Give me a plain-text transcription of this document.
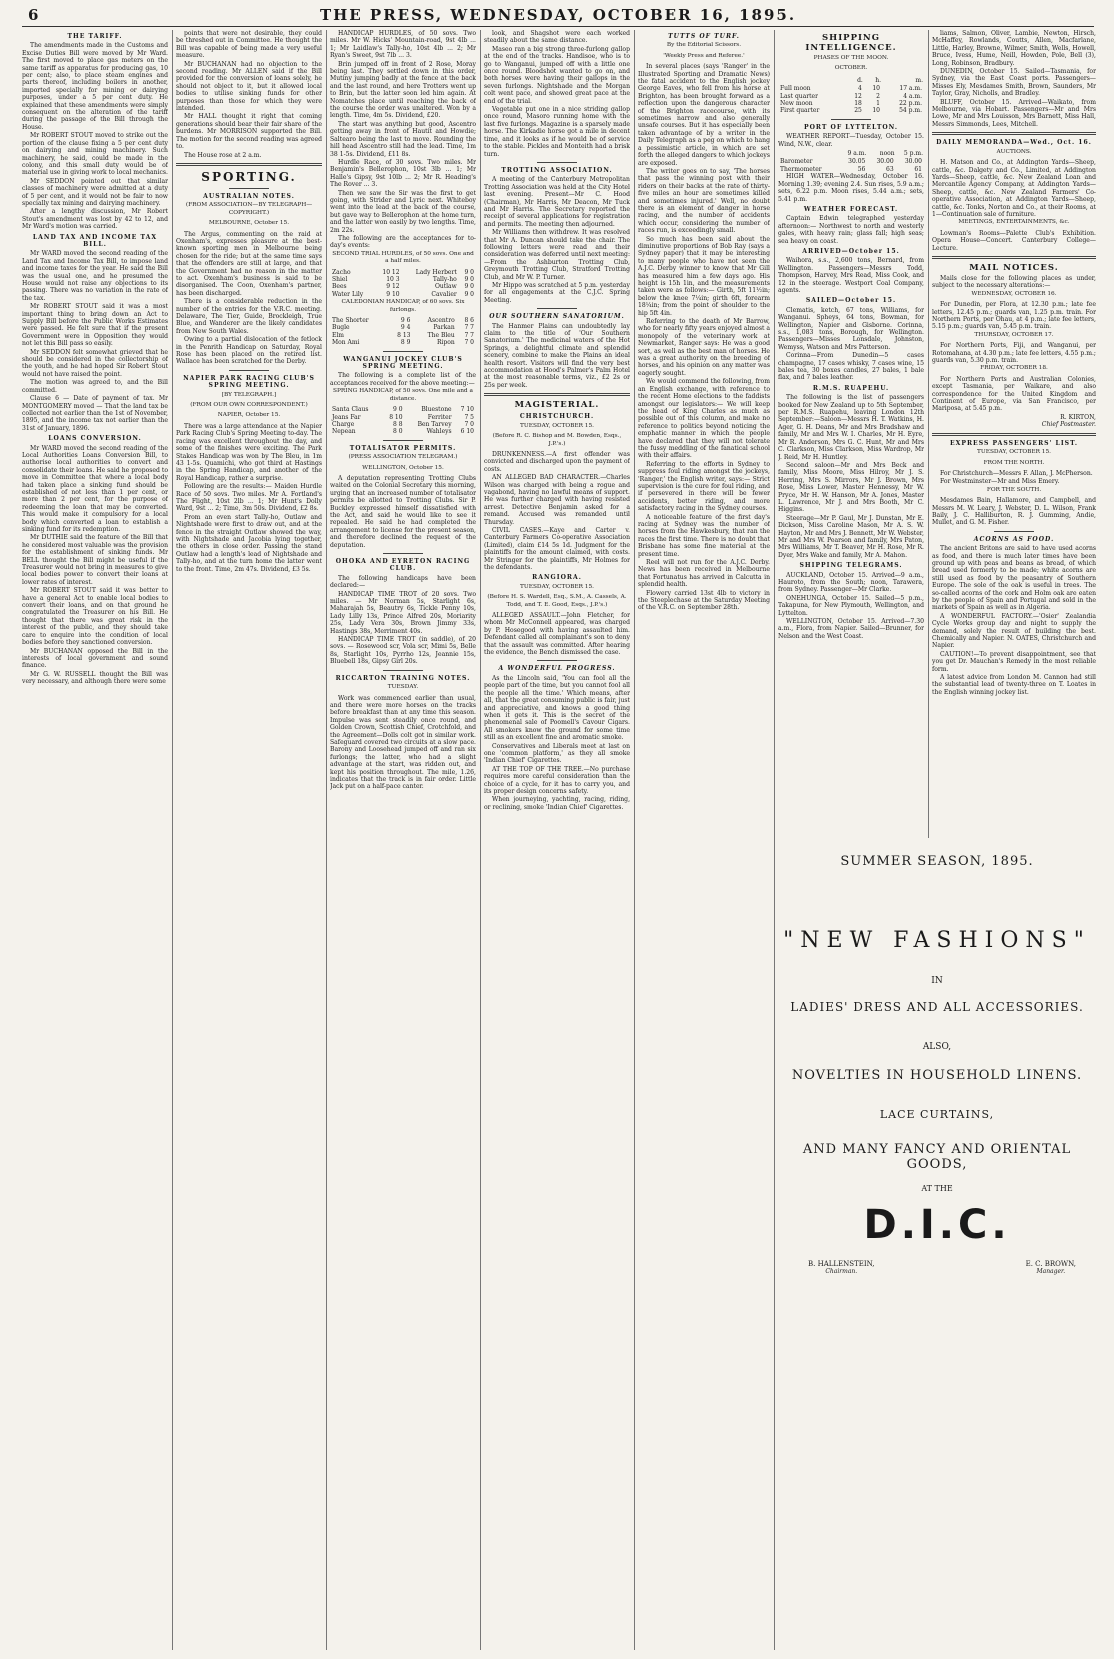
6	THE PRESS, WEDNESDAY, OCTOBER 16, 1895.
THE TARIFF.

The amendments made in the Customs and Excise Duties Bill were moved by Mr Ward. The first moved to place gas meters on the same tariff as apparatus for producing gas, 10 per cent; also, to place steam engines and parts thereof, including boilers in another, imported specially for mining or dairying purposes, under a 5 per cent duty. He explained that these amendments were simply consequent on the alteration of the tariff during the passage of the Bill through the House.

Mr ROBERT STOUT moved to strike out the portion of the clause fixing a 5 per cent duty on dairying and mining machinery. Such machinery, he said, could be made in the colony, and this small duty would be of material use in giving work to local mechanics.

Mr SEDDON pointed out that similar classes of machinery were admitted at a duty of 5 per cent, and it would not be fair to now specially tax mining and dairying machinery.

After a lengthy discussion, Mr Robert Stout's amendment was lost by 42 to 12, and Mr Ward's motion was carried.

LAND TAX AND INCOME TAX BILL.

Mr WARD moved the second reading of the Land Tax and Income Tax Bill, to impose land and income taxes for the year. He said the Bill was the usual one, and he presumed the House would not raise any objections to its passing. There was no variation in the rate of the tax.

Mr ROBERT STOUT said it was a most important thing to bring down an Act to Supply Bill before the Public Works Estimates were passed. He felt sure that if the present Government were in Opposition they would not let this Bill pass so easily.

Mr SEDDON felt somewhat grieved that he should be considered in the collectorship of the youth, and he had hoped Sir Robert Stout would not have raised the point.

The motion was agreed to, and the Bill committed.

Clause 6 — Date of payment of tax. Mr MONTGOMERY moved — That the land tax be collected not earlier than the 1st of November, 1895, and the income tax not earlier than the 31st of January, 1896.

LOANS CONVERSION.

Mr WARD moved the second reading of the Local Authorities Loans Conversion Bill, to authorise local authorities to convert and consolidate their loans. He said he proposed to move in Committee that where a local body had taken place a sinking fund should be established of not less than 1 per cent, or more than 2 per cent, for the purpose of redeeming the loan that may be converted. This would make it compulsory for a local body which converted a loan to establish a sinking fund for its redemption.

Mr DUTHIE said the feature of the Bill that he considered most valuable was the provision for the establishment of sinking funds. Mr BELL thought the Bill might be useful if the Treasurer would not bring in measures to give local bodies power to convert their loans at lower rates of interest.

Mr ROBERT STOUT said it was better to have a general Act to enable local bodies to convert their loans, and on that ground he congratulated the Treasurer on his Bill. He thought that there was great risk in the interest of the public, and they should take care to enquire into the condition of local bodies before they sanctioned conversion.

Mr BUCHANAN opposed the Bill in the interests of local government and sound finance.

Mr G. W. RUSSELL thought the Bill was very necessary, and although there were some

points that were not desirable, they could be threshed out in Committee. He thought the Bill was capable of being made a very useful measure.

Mr BUCHANAN had no objection to the second reading. Mr ALLEN said if the Bill provided for the conversion of loans solely, he should not object to it, but it allowed local bodies to utilise sinking funds for other purposes than those for which they were intended.

Mr HALL thought it right that coming generations should bear their fair share of the burdens. Mr MORRISON supported the Bill. The motion for the second reading was agreed to.

The House rose at 2 a.m.

SPORTING.
AUSTRALIAN NOTES.
(FROM ASSOCIATION—BY TELEGRAPH—COPYRIGHT.)
MELBOURNE, October 15.

The Argus, commenting on the raid at Oxenham's, expresses pleasure at the best-known sporting men in Melbourne being chosen for the ride; but at the same time says that the offenders are still at large, and that the Government had no reason in the matter to act. Oxenham's business is said to be disorganised. The Coon, Oxenham's partner, has been discharged.

There is a considerable reduction in the number of the entries for the V.R.C. meeting. Delaware, The Tier, Guide, Brockleigh, True Blue, and Wanderer are the likely candidates from New South Wales.

Owing to a partial dislocation of the fetlock in the Penrith Handicap on Saturday, Royal Rose has been placed on the retired list. Wallace has been scratched for the Derby.

NAPIER PARK RACING CLUB'S SPRING MEETING.
[BY TELEGRAPH.]
(FROM OUR OWN CORRESPONDENT.)
NAPIER, October 15.

There was a large attendance at the Napier Park Racing Club's Spring Meeting to-day. The racing was excellent throughout the day, and some of the finishes were exciting. The Park Stakes Handicap was won by The Bleu, in 1m 43 1-5s. Quamichi, who got third at Hastings in the Spring Handicap, and another of the Royal Handicap, rather a surprise.

Following are the results:— Maiden Hurdle Race of 50 sovs. Two miles. Mr A. Fortland's The Flight, 10st 2lb ... 1; Mr Hunt's Dolly Ward, 9st ... 2; Time, 3m 50s. Dividend, £2 8s.

From an even start Tally-ho, Outlaw and Nightshade were first to draw out, and at the fence in the straight Outlaw showed the way, with Nightshade and Jacobia lying together, the others in close order. Passing the stand Outlaw had a length's lead of Nightshade and Tally-ho, and at the turn home the latter went to the front. Time, 2m 47s. Dividend, £3 5s.

HANDICAP HURDLES, of 50 sovs. Two miles. Mr W. Hicks' Mountain-road, 9st 4lb ... 1; Mr Laidlaw's Tally-ho, 10st 4lb ... 2; Mr Ryan's Sweet, 9st 7lb ... 3.

Brin jumped off in front of 2 Rose, Moray being last. They settled down in this order, Mutiny jumping badly at the fence at the back and the last round, and here Trotters went up to Brin, but the latter soon led him again. At Nomatches place until reaching the back of the course the order was unaltered. Won by a length. Time, 4m 5s. Dividend, £20.

The start was anything but good, Ascentro getting away in front of Hautit and Howdie; Saltearo being the last to move. Rounding the hill head Ascentro still had the lead. Time, 1m 38 1-5s. Dividend, £11 8s.

Hurdle Race, of 30 sovs. Two miles. Mr Benjamin's Bellerophon, 10st 3lb ... 1; Mr Halle's Gipsy, 9st 10lb ... 2; Mr R. Heading's The Rover ... 3.

Then we saw the Sir was the first to get going, with Strider and Lyric next. Whiteboy went into the lead at the back of the course, but gave way to Bellerophon at the home turn, and the latter won easily by two lengths. Time, 2m 22s.

The following are the acceptances for to-day's events:

SECOND TRIAL HURDLES, of 50 sovs. One and a half miles.
Zacho	10 12	Lady Herbert	9 0
Shiel	10 3	Tally-ho	9 0
Bees	9 12	Outlaw	9 0
Water Lily	9 10	Cavalier	9 0
CALEDONIAN HANDICAP, of 60 sovs. Six furlongs.
The Shorter	9 6	Ascentro	8 6
Bugle	9 4	Parkan	7 7
Elm	8 13	The Bleu	7 7
Mon Ami	8 9	Ripon	7 0
WANGANUI JOCKEY CLUB'S SPRING MEETING.

The following is a complete list of the acceptances received for the above meeting:—

SPRING HANDICAP, of 50 sovs. One mile and a distance.
Santa Claus	9 0	Bluestone	7 10
Jeans Far	8 10	Ferriter	7 5
Charge	8 8	Ben Tarvey	7 0
Nepean	8 0	Wahleys	6 10
TOTALISATOR PERMITS.
(PRESS ASSOCIATION TELEGRAM.)
WELLINGTON, October 15.

A deputation representing Trotting Clubs waited on the Colonial Secretary this morning, urging that an increased number of totalisator permits be allotted to Trotting Clubs. Sir P. Buckley expressed himself dissatisfied with the Act, and said he would like to see it repealed. He said he had completed the arrangement to license for the present season, and therefore declined the request of the deputation.

OHOKA AND EYRETON RACING CLUB.

The following handicaps have been declared:—

HANDICAP TIME TROT of 20 sovs. Two miles. — Mr Norman 5s, Starlight 6s, Maharajah 5s, Beautry 6s, Tickle Penny 10s, Lady Lilly 13s, Prince Alfred 20s, Moriarity 25s, Lady Vera 30s, Brown Jimmy 33s, Hastings 38s, Merriment 40s.

HANDICAP TIME TROT (in saddle), of 20 sovs. — Rosewood scr, Vola scr, Mimi 5s, Belle 8s, Starlight 10s, Pyrrho 12s, Jeannie 15s, Bluebell 18s, Gipsy Girl 20s.

RICCARTON TRAINING NOTES.
TUESDAY.

Work was commenced earlier than usual, and there were more horses on the tracks before breakfast than at any time this season. Impulse was sent steadily once round, and Golden Crown, Scottish Chief, Crotchfold, and the Agreement—Dolls colt got in similar work. Safeguard covered two circuits at a slow pace. Barony and Loosehead jumped off and ran six furlongs; the latter, who had a slight advantage at the start, was ridden out, and kept his position throughout. The mile, 1.26, indicates that the track is in fair order. Little Jack put on a half-pace canter.

look, and Shagshot were each worked steadily about the same distance.

Maseo ran a big strong three-furlong gallop at the end of the tracks. Handisoe, who is to go to Wanganui, jumped off with a little one once round. Bloodshot wanted to go on, and both horses were having their gallops in the seven furlongs. Nightshade and the Morgan colt went pace, and showed great pace at the end of the trial.

Vegetable put one in a nice striding gallop once round, Masoro running home with the last five furlongs. Magazine is a sparsely made horse. The Kirkadie horse got a mile in decent time, and it looks as if he would be of service to the stable. Pickles and Monteith had a brisk turn.

TROTTING ASSOCIATION.

A meeting of the Canterbury Metropolitan Trotting Association was held at the City Hotel last evening. Present—Mr C. Hood (Chairman), Mr Harris, Mr Deacon, Mr Tuck and Mr Harris. The Secretary reported the receipt of several applications for registration and permits. The meeting then adjourned.

Mr Williams then withdrew. It was resolved that Mr A. Duncan should take the chair. The following letters were read and their consideration was deferred until next meeting:—From the Ashburton Trotting Club, Greymouth Trotting Club, Stratford Trotting Club, and Mr W. P. Turner.

Mr Hippo was scratched at 5 p.m. yesterday for all engagements at the C.J.C. Spring Meeting.

OUR SOUTHERN SANATORIUM.

The Hanmer Plains can undoubtedly lay claim to the title of 'Our Southern Sanatorium.' The medicinal waters of the Hot Springs, a delightful climate and splendid scenery, combine to make the Plains an ideal health resort. Visitors will find the very best accommodation at Hood's Palmer's Palm Hotel at the most reasonable terms, viz., £2 2s or 25s per week.

MAGISTERIAL.
CHRISTCHURCH.
TUESDAY, OCTOBER 15.
(Before R. C. Bishop and M. Bowden, Esqs., J.P.'s.)

DRUNKENNESS.—A first offender was convicted and discharged upon the payment of costs.

AN ALLEGED BAD CHARACTER.—Charles Wilson was charged with being a rogue and vagabond, having no lawful means of support. He was further charged with having resisted arrest. Detective Benjamin asked for a remand. Accused was remanded until Thursday.

CIVIL CASES.—Kaye and Carter v. Canterbury Farmers Co-operative Association (Limited), claim £14 5s 1d. Judgment for the plaintiffs for the amount claimed, with costs. Mr Stringer for the plaintiffs, Mr Holmes for the defendants.

RANGIORA.
TUESDAY, OCTOBER 15.
(Before H. S. Wardell, Esq., S.M., A. Cassels, A. Todd, and T. E. Good, Esqs., J.P.'s.)

ALLEGED ASSAULT.—John Fletcher, for whom Mr McConnell appeared, was charged by P. Hosegood with having assaulted him. Defendant called all complainant's son to deny that the assault was committed. After hearing the evidence, the Bench dismissed the case.

A WONDERFUL PROGRESS.

As the Lincoln said, 'You can fool all the people part of the time, but you cannot fool all the people all the time.' Which means, after all, that the great consuming public is fair, just and appreciative, and knows a good thing when it gets it. This is the secret of the phenomenal sale of Poomell's Cavour Cigars. All smokers know the ground for some time still as an excellent fine and aromatic smoke.

Conservatives and Liberals meet at last on one 'common platform,' as they all smoke 'Indian Chief' Cigarettes.

AT THE TOP OF THE TREE.—No purchase requires more careful consideration than the choice of a cycle, for it has to carry you, and its proper design concerns safety.

When journeying, yachting, racing, riding, or reclining, smoke 'Indian Chief' Cigarettes.

TUTTS OF TURF.
By the Editorial Scissors.
'Weekly Press and Referee.'

In several places (says 'Ranger' in the Illustrated Sporting and Dramatic News) the fatal accident to the English jockey George Eaves, who fell from his horse at Brighton, has been brought forward as a reflection upon the dangerous character of the Brighton racecourse, with its sometimes narrow and also generally unsafe courses. But it has especially been taken advantage of by a writer in the Daily Telegraph as a peg on which to hang a pessimistic article, in which are set forth the alleged dangers to which jockeys are exposed.

The writer goes on to say, 'The horses that pass the winning post with their riders on their backs at the rate of thirty-five miles an hour are sometimes killed and sometimes injured.' Well, no doubt there is an element of danger in horse racing, and the number of accidents which occur, considering the number of races run, is exceedingly small.

So much has been said about the diminutive proportions of Bob Ray (says a Sydney paper) that it may be interesting to many people who have not seen the A.J.C. Derby winner to know that Mr Gill has measured him a few days ago. His height is 15h 1in, and the measurements taken were as follows:— Girth, 5ft 11½in; below the knee 7¼in; girth 6ft, forearm 18¼in; from the point of shoulder to the hip 5ft 4in.

Referring to the death of Mr Barrow, who for nearly fifty years enjoyed almost a monopoly of the veterinary work at Newmarket, Ranger says: He was a good sort, as well as the best man of horses. He was a great authority on the breeding of horses, and his opinion on any matter was eagerly sought.

We would commend the following, from an English exchange, with reference to the recent Home elections to the faddists amongst our legislators:— We will keep the head of King Charles as much as possible out of this column, and make no reference to politics beyond noticing the emphatic manner in which the people have declared that they will not tolerate the fussy meddling of the fanatical school with their affairs.

Referring to the efforts in Sydney to suppress foul riding amongst the jockeys, 'Ranger,' the English writer, says:— Strict supervision is the cure for foul riding, and if persevered in there will be fewer accidents, better riding, and more satisfactory racing in the Sydney courses.

A noticeable feature of the first day's racing at Sydney was the number of horses from the Hawkesbury, that ran the races the first time. There is no doubt that Brisbane has some fine material at the present time.

Reel will not run for the A.J.C. Derby. News has been received in Melbourne that Fortunatus has arrived in Calcutta in splendid health.

Flowery carried 13st 4lb to victory in the Steeplechase at the Saturday Meeting of the V.R.C. on September 28th.

SHIPPING INTELLIGENCE.
PHASES OF THE MOON.
OCTOBER.
	d.	h.	m.
Full moon	4	10	17 a.m.
Last quarter	12	2	4 a.m.
New moon	18	1	22 p.m.
First quarter	25	10	54 p.m.
PORT OF LYTTELTON.

WEATHER REPORT—Tuesday, October 15. Wind, N.W., clear.

	9 a.m.	noon	5 p.m.
Barometer	30.05	30.00	30.00
Thermometer	56	63	61

HIGH WATER—Wednesday, October 16. Morning 1.39; evening 2.4. Sun rises, 5.9 a.m.; sets, 6.22 p.m. Moon rises, 5.44 a.m.; sets, 5.41 p.m.

WEATHER FORECAST.

Captain Edwin telegraphed yesterday afternoon:— Northwest to north and westerly gales, with heavy rain; glass fall; high seas; sea heavy on coast.

ARRIVED—October 15.

Waihora, s.s., 2,600 tons, Bernard, from Wellington. Passengers—Messrs Todd, Thompson, Harvey, Mrs Read, Miss Cook, and 12 in the steerage. Westport Coal Company, agents.

SAILED—October 15.

Clematis, ketch, 67 tons, Williams, for Wanganui. Spheys, 64 tons, Bowman, for Wellington, Napier and Gisborne. Corinna, s.s., 1,083 tons, Borough, for Wellington. Passengers—Misses Lonsdale, Johnston, Wemyss, Watson and Mrs Patterson.

Corinna—From Dunedin—5 cases champagne, 17 cases whisky, 7 cases wine, 15 bales tea, 30 boxes candles, 27 bales, 1 bale flax, and 7 bales leather.

R.M.S. RUAPEHU.

The following is the list of passengers booked for New Zealand up to 5th September, per R.M.S. Ruapehu, leaving London 12th September:—Saloon—Messrs H. T. Watkins, H. Ager, G. H. Deans, Mr and Mrs Bradshaw and family, Mr and Mrs W. I. Charles, Mr H. Eyre, Mr R. Anderson, Mrs G. C. Hunt, Mr and Mrs C. Clarkson, Miss Clarkson, Miss Wardrop, Mr J. Reid, Mr H. Huntley.

Second saloon—Mr and Mrs Beck and family, Miss Moore, Miss Hilroy, Mr J. S. Herring, Mrs S. Mirrors, Mr J. Brown, Mrs Rose, Miss Lower, Master Hennessy, Mr W. Pryce, Mr H. W. Hanson, Mr A. Jones, Master L. Lawrence, Mr J. and Mrs Booth, Mr C. Higgins.

Steerage—Mr P. Gaul, Mr J. Dunstan, Mr E. Dickson, Miss Caroline Mason, Mr A. S. W. Hayton, Mr and Mrs J. Bennett, Mr W. Webster, Mr and Mrs W. Pearson and family, Mrs Paton, Mrs Williams, Mr T. Beaver, Mr H. Rose, Mr R. Dyer, Mrs Wake and family, Mr A. Mahon.

SHIPPING TELEGRAMS.

AUCKLAND, October 15. Arrived—9 a.m., Hauroto, from the South; noon, Tarawera, from Sydney. Passenger—Mr Clarke.

ONEHUNGA, October 15. Sailed—5 p.m., Takapuna, for New Plymouth, Wellington, and Lyttelton.

WELLINGTON, October 15. Arrived—7.30 a.m., Flora, from Napier. Sailed—Brunner, for Nelson and the West Coast.

liams, Salmon, Oliver, Lambie, Newton, Hirsch, McHaffey, Rowlands, Coutts, Allen, Macfarlane, Little, Harley, Browne, Wilmer, Smith, Wells, Howell, Bruce, Ivess, Hume, Neill, Howden, Pole, Bell (3), Long, Robinson, Bradbury.

DUNEDIN, October 15. Sailed—Tasmania, for Sydney, via the East Coast ports. Passengers—Misses Ely, Mesdames Smith, Brown, Saunders, Mr Taylor, Gray, Nicholls, and Bradley.

BLUFF, October 15. Arrived—Waikato, from Melbourne, via Hobart. Passengers—Mr and Mrs Lowe, Mr and Mrs Louisson, Mrs Barnett, Miss Hall, Messrs Simmonds, Lees, Mitchell.

DAILY MEMORANDA—Wed., Oct. 16.
AUCTIONS.

H. Matson and Co., at Addington Yards—Sheep, cattle, &c. Dalgety and Co., Limited, at Addington Yards—Sheep, cattle, &c. New Zealand Loan and Mercantile Agency Company, at Addington Yards—Sheep, cattle, &c. New Zealand Farmers' Co-operative Association, at Addington Yards—Sheep, cattle, &c. Tonks, Norton and Co., at their Rooms, at 1—Continuation sale of furniture.

MEETINGS, ENTERTAINMENTS, &c.

Lowman's Rooms—Palette Club's Exhibition. Opera House—Concert. Canterbury College—Lecture.

MAIL NOTICES.

Mails close for the following places as under, subject to the necessary alterations:—

WEDNESDAY, OCTOBER 16.

For Dunedin, per Flora, at 12.30 p.m.; late fee letters, 12.45 p.m.; guards van, 1.25 p.m. train. For Northern Ports, per Ohau, at 4 p.m.; late fee letters, 5.15 p.m.; guards van, 5.45 p.m. train.

THURSDAY, OCTOBER 17.

For Northern Ports, Fiji, and Wanganui, per Rotomahana, at 4.30 p.m.; late fee letters, 4.55 p.m.; guards van, 5.30 p.m. train.

FRIDAY, OCTOBER 18.

For Northern Ports and Australian Colonies, except Tasmania, per Waikare, and also correspondence for the United Kingdom and Continent of Europe, via San Francisco, per Mariposa, at 5.45 p.m.

R. KIRTON,
Chief Postmaster.
EXPRESS PASSENGERS' LIST.
TUESDAY, OCTOBER 15.
FROM THE NORTH.

For Christchurch—Messrs F. Allan, J. McPherson.

For Westminster—Mr and Miss Emery.

FOR THE SOUTH.

Mesdames Bain, Hallamore, and Campbell, and Messrs M. W. Leary, J. Webster, D. L. Wilson, Frank Baily, J. C. Halliburton, R. J. Gumming, Andie, Mullet, and G. M. Fisher.

ACORNS AS FOOD.

The ancient Britons are said to have used acorns as food, and there is much later times have been ground up with peas and beans as bread, of which bread used formerly to be made; white acorns are still used as food by the peasantry of Southern Europe. The sole of the oak is useful in trees. The so-called acorns of the cork and Holm oak are eaten by the people of Spain and Portugal and sold in the markets of Spain as well as in Algeria.

A WONDERFUL FACTORY.—'Osier' Zealandia Cycle Works group day and night to supply the demand, solely the result of building the best. Chemically and Napier. N. OATES, Christchurch and Napier.

CAUTION!—To prevent disappointment, see that you get Dr. Mauchan's Remedy in the most reliable form.

A latest advice from London M. Cannon had still the substantial lead of twenty-three on T. Loates in the English winning jockey list.

SUMMER SEASON, 1895.
"NEW FASHIONS"
IN
LADIES' DRESS AND ALL ACCESSORIES.
ALSO,
NOVELTIES IN HOUSEHOLD LINENS.
LACE CURTAINS,
AND MANY FANCY AND ORIENTAL GOODS,
AT THE
D.I.C.
B. HALLENSTEIN,
Chairman.
E. C. BROWN,
Manager.
